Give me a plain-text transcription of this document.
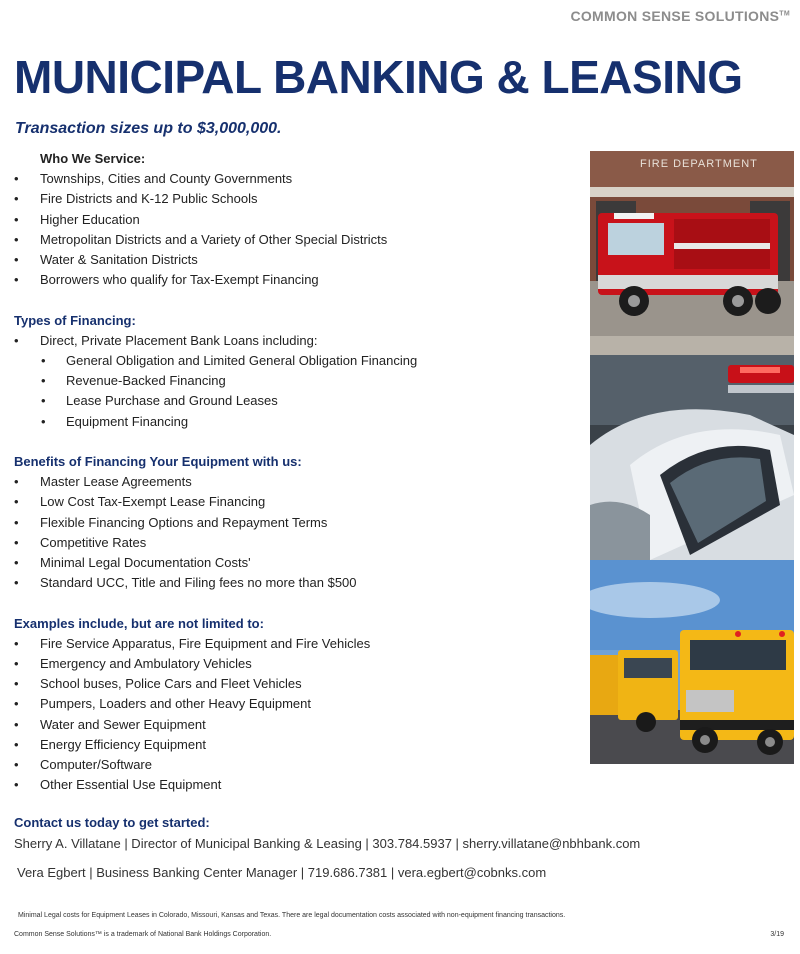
COMMON SENSE SOLUTIONS™
MUNICIPAL BANKING & LEASING
Transaction sizes up to $3,000,000.
Who We Service:
• Townships, Cities and County Governments
• Fire Districts and K-12 Public Schools
• Higher Education
• Metropolitan Districts and a Variety of Other Special Districts
• Water & Sanitation Districts
• Borrowers who qualify for Tax-Exempt Financing
Types of Financing:
• Direct, Private Placement Bank Loans including:
• General Obligation and Limited General Obligation Financing
• Revenue-Backed Financing
• Lease Purchase and Ground Leases
• Equipment Financing
Benefits of Financing Your Equipment with us:
• Master Lease Agreements
• Low Cost Tax-Exempt Lease Financing
• Flexible Financing Options and Repayment Terms
• Competitive Rates
• Minimal Legal Documentation Costs'
• Standard UCC, Title and Filing fees no more than $500
Examples include, but are not limited to:
• Fire Service Apparatus, Fire Equipment and Fire Vehicles
• Emergency and Ambulatory Vehicles
• School buses, Police Cars and Fleet Vehicles
• Pumpers, Loaders and other Heavy Equipment
• Water and Sewer Equipment
• Energy Efficiency Equipment
• Computer/Software
• Other Essential Use Equipment
FIRE DEPARTMENT
Contact us today to get started:
Sherry A. Villatane | Director of Municipal Banking & Leasing | 303.784.5937 | sherry.villatane@nbhbank.com
Vera Egbert | Business Banking Center Manager | 719.686.7381 | vera.egbert@cobnks.com
Minimal Legal costs for Equipment Leases in Colorado, Missouri, Kansas and Texas. There are legal documentation costs associated with non-equipment financing transactions.
Common Sense Solutions™ is a trademark of National Bank Holdings Corporation.	3/19
